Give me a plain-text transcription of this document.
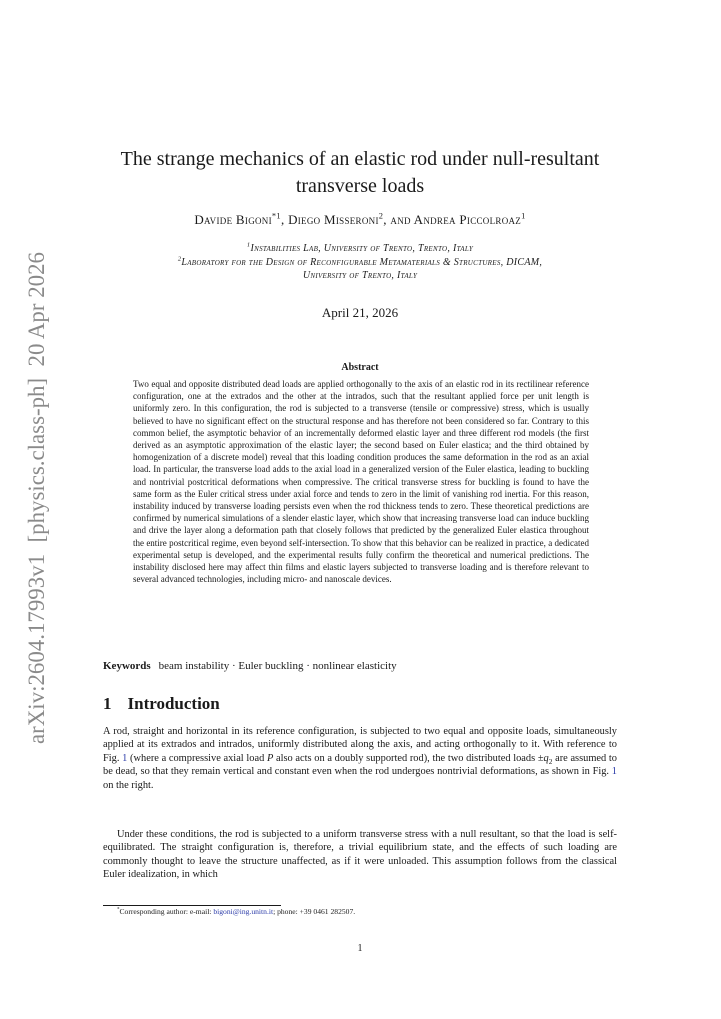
arXiv:2604.17993v1  [physics.class-ph]  20 Apr 2026
The strange mechanics of an elastic rod under null-resultant
transverse loads
Davide Bigoni$^{*1}$, Diego Misseroni$^2$, and Andrea Piccolroaz$^1$
$^1$Instabilities Lab, University of Trento, Trento, Italy
$^2$Laboratory for the Design of Reconfigurable Metamaterials & Structures, DICAM,
University of Trento, Italy
April 21, 2026
Abstract

Two equal and opposite distributed dead loads are applied orthogonally to the axis of an elastic rod in its rectilinear reference configuration, one at the extrados and the other at the intrados, such that the resultant applied force per unit length is uniformly zero. In this configuration, the rod is subjected to a transverse (tensile or compressive) stress, which is usually believed to have no significant effect on the structural response and has therefore not been considered so far. Contrary to this common belief, the asymptotic behavior of an incrementally deformed elastic layer and three different rod models (the first derived as an asymptotic approximation of the elastic layer; the second based on Euler elastica; and the third obtained by homogenization of a discrete model) reveal that this loading condition produces the same deformation in the rod as an axial load. In particular, the transverse load adds to the axial load in a generalized version of the Euler elastica, leading to buckling and nontrivial postcritical deformations when compressive. The critical transverse stress for buckling is found to have the same form as the Euler critical stress under axial force and tends to zero in the limit of vanishing rod inertia. For this reason, instability induced by transverse loading persists even when the rod thickness tends to zero. These theoretical predictions are confirmed by numerical simulations of a slender elastic layer, which show that increasing transverse load can induce buckling and drive the layer along a deformation path that closely follows that predicted by the generalized Euler elastica throughout the entire postcritical regime, even beyond self-intersection. To show that this behavior can be realized in practice, a dedicated experimental setup is developed, and the experimental results fully confirm the theoretical and numerical predictions. The instability disclosed here may affect thin films and elastic layers subjected to transverse loading and is therefore relevant to several advanced technologies, including micro- and nanoscale devices.

Keywords beam instability · Euler buckling · nonlinear elasticity
1 Introduction

A rod, straight and horizontal in its reference configuration, is subjected to two equal and opposite loads, simultaneously applied at its extrados and intrados, uniformly distributed along the axis, and acting orthogonally to it. With reference to Fig. 1 (where a compressive axial load P also acts on a doubly supported rod), the two distributed loads $\pm q_2$ are assumed to be dead, so that they remain vertical and constant even when the rod undergoes nontrivial deformations, as shown in Fig. 1 on the right.

Under these conditions, the rod is subjected to a uniform transverse stress with a null resultant, so that the load is self-equilibrated. The straight configuration is, therefore, a trivial equilibrium state, and the effects of such loading are commonly thought to leave the structure unaffected, as if it were unloaded. This assumption follows from the classical Euler idealization, in which

*Corresponding author: e-mail: bigoni@ing.unitn.it; phone: +39 0461 282507.
1
